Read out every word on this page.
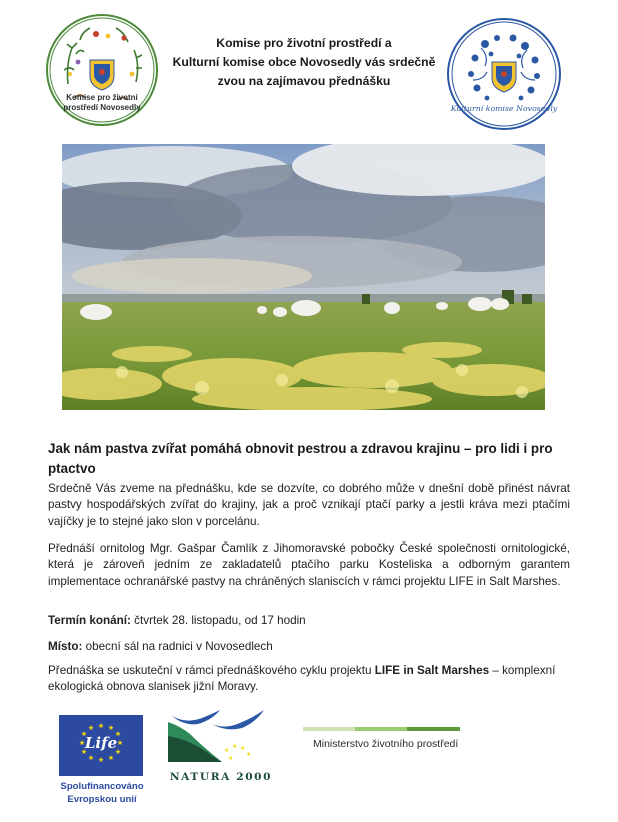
Komise pro životní
prostředí Novosedly
Komise pro životní prostředí a
Kulturní komise obce Novosedly vás srdečně
zvou na zajímavou přednášku
Kulturní komise Novosedly
Jak nám pastva zvířat pomáhá obnovit pestrou a zdravou krajinu – pro lidi i pro ptactvo

Srdečně Vás zveme na přednášku, kde se dozvíte, co dobrého může v dnešní době přinést návrat pastvy hospodářských zvířat do krajiny, jak a proč vznikají ptačí parky a jestli kráva mezi ptačími vajíčky je to stejné jako slon v porcelánu.

Přednáší ornitolog Mgr. Gašpar Čamlík z Jihomoravské pobočky České společnosti ornitologické, která je zároveň jedním ze zakladatelů ptačího parku Kosteliska a odborným garantem implementace ochranářské pastvy na chráněných slaniscích v rámci projektu LIFE in Salt Marshes.

Termín konání: čtvrtek 28. listopadu, od 17 hodin

Místo: obecní sál na radnici v Novosedlech

Přednáška se uskuteční v rámci přednáškového cyklu projektu LIFE in Salt Marshes – komplexní ekologická obnova slanisek jižní Moravy.

★ ★
★
★
★
★
★
★
★
★
★
★
Life
Spolufinancováno
Evropskou unií
★
★ ★
★
★
NATURA 2000
Ministerstvo životního prostředí
